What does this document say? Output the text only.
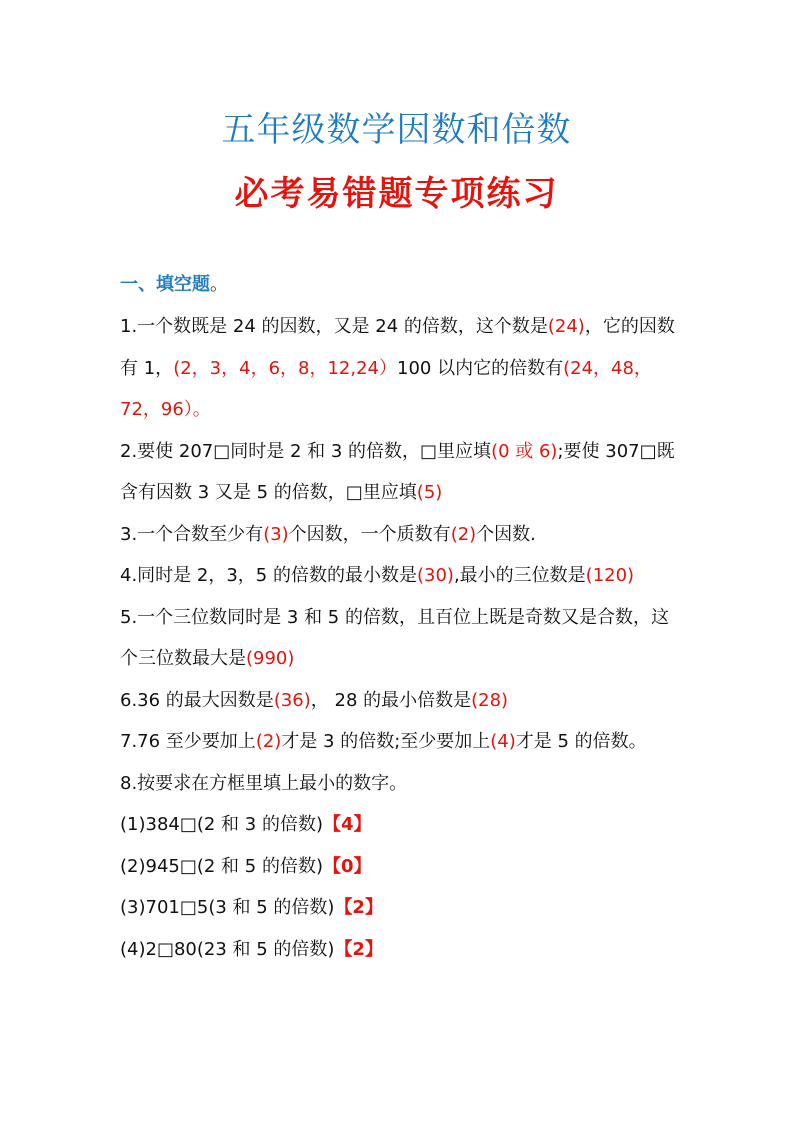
五年级数学因数和倍数
必考易错题专项练习
一、填空题。

1.一个数既是 24 的因数，又是 24 的倍数，这个数是(24)，它的因数有 1，(2，3，4，6，8，12,24）100 以内它的倍数有(24，48，72，96）。

2.要使 207□同时是 2 和 3 的倍数，□里应填(0 或 6);要使 307□既含有因数 3 又是 5 的倍数，□里应填(5)

3.一个合数至少有(3)个因数，一个质数有(2)个因数.

4.同时是 2，3，5 的倍数的最小数是(30),最小的三位数是(120)

5.一个三位数同时是 3 和 5 的倍数，且百位上既是奇数又是合数，这个三位数最大是(990)

6.36 的最大因数是(36)， 28 的最小倍数是(28)

7.76 至少要加上(2)才是 3 的倍数;至少要加上(4)才是 5 的倍数。

8.按要求在方框里填上最小的数字。

(1)384□(2 和 3 的倍数)【4】

(2)945□(2 和 5 的倍数)【0】

(3)701□5(3 和 5 的倍数)【2】

(4)2□80(23 和 5 的倍数)【2】
